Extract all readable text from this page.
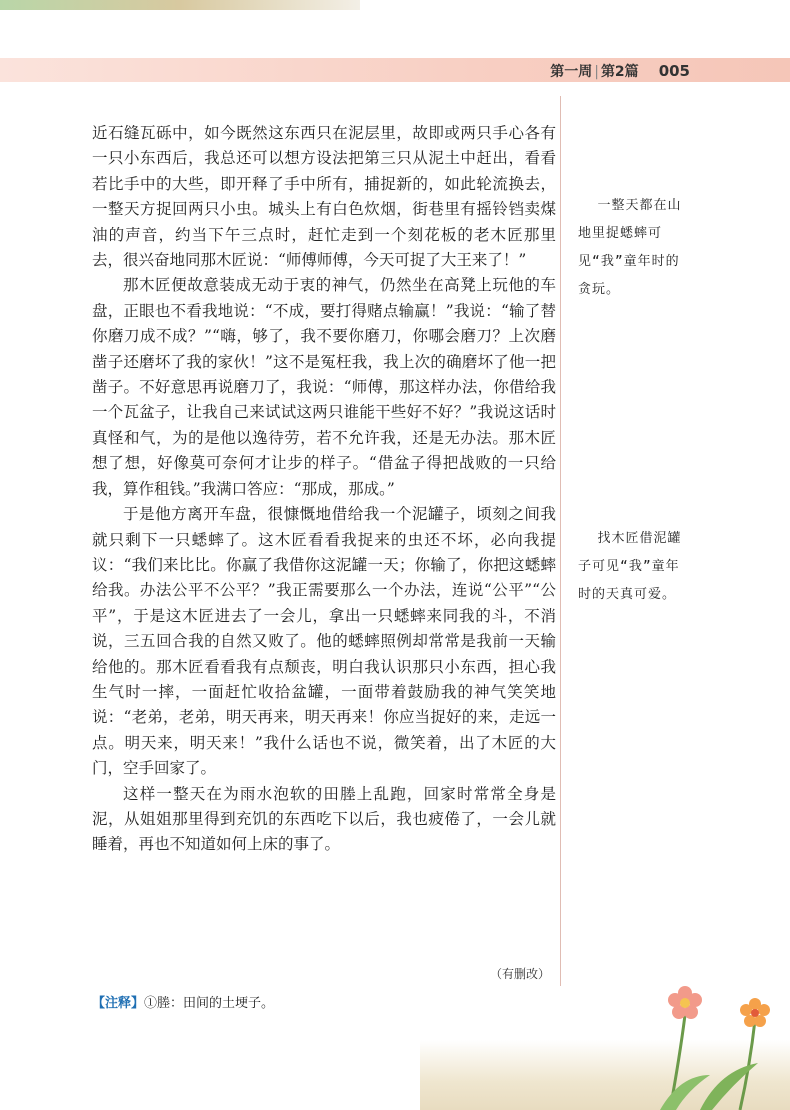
第一周 | 第2篇 005

近石缝瓦砾中，如今既然这东西只在泥层里，故即或两只手心各有一只小东西后，我总还可以想方设法把第三只从泥土中赶出，看看若比手中的大些，即开释了手中所有，捕捉新的，如此轮流换去，一整天方捉回两只小虫。城头上有白色炊烟，街巷里有摇铃铛卖煤油的声音，约当下午三点时，赶忙走到一个刻花板的老木匠那里去，很兴奋地同那木匠说：“师傅师傅，今天可捉了大王来了！”

那木匠便故意装成无动于衷的神气，仍然坐在高凳上玩他的车盘，正眼也不看我地说：“不成，要打得赌点输赢！”我说：“输了替你磨刀成不成？”“嗨，够了，我不要你磨刀，你哪会磨刀？上次磨凿子还磨坏了我的家伙！”这不是冤枉我，我上次的确磨坏了他一把凿子。不好意思再说磨刀了，我说：“师傅，那这样办法，你借给我一个瓦盆子，让我自己来试试这两只谁能干些好不好？”我说这话时真怪和气，为的是他以逸待劳，若不允许我，还是无办法。那木匠想了想，好像莫可奈何才让步的样子。“借盆子得把战败的一只给我，算作租钱。”我满口答应：“那成，那成。”

于是他方离开车盘，很慷慨地借给我一个泥罐子，顷刻之间我就只剩下一只蟋蟀了。这木匠看看我捉来的虫还不坏，必向我提议：“我们来比比。你赢了我借你这泥罐一天；你输了，你把这蟋蟀给我。办法公平不公平？”我正需要那么一个办法，连说“公平”“公平”，于是这木匠进去了一会儿，拿出一只蟋蟀来同我的斗，不消说，三五回合我的自然又败了。他的蟋蟀照例却常常是我前一天输给他的。那木匠看看我有点颓丧，明白我认识那只小东西，担心我生气时一摔，一面赶忙收拾盆罐，一面带着鼓励我的神气笑笑地说：“老弟，老弟，明天再来，明天再来！你应当捉好的来，走远一点。明天来，明天来！”我什么话也不说，微笑着，出了木匠的大门，空手回家了。

这样一整天在为雨水泡软的田塍上乱跑，回家时常常全身是泥，从姐姐那里得到充饥的东西吃下以后，我也疲倦了，一会儿就睡着，再也不知道如何上床的事了。

（有删改）
【注释】①塍：田间的土埂子。
一整天都在山地里捉蟋蟀可见“我”童年时的贪玩。
找木匠借泥罐子可见“我”童年时的天真可爱。
